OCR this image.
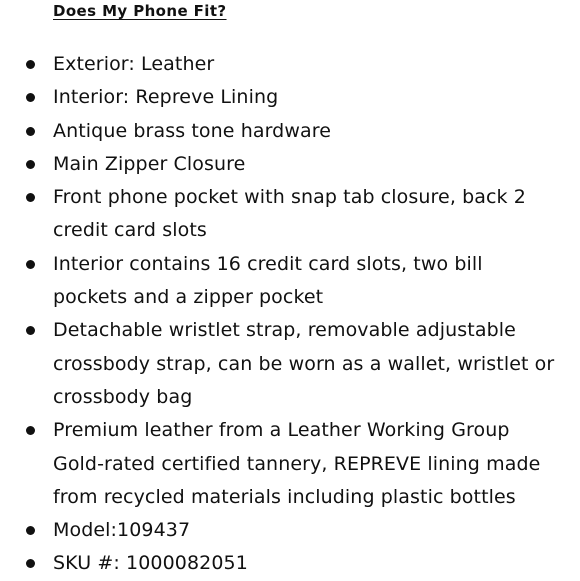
Does My Phone Fit?
Exterior: Leather
Interior: Repreve Lining
Antique brass tone hardware
Main Zipper Closure
Front phone pocket with snap tab closure, back 2 credit card slots
Interior contains 16 credit card slots, two bill pockets and a zipper pocket
Detachable wristlet strap, removable adjustable crossbody strap, can be worn as a wallet, wristlet or crossbody bag
Premium leather from a Leather Working Group Gold-rated certified tannery, REPREVE lining made from recycled materials including plastic bottles
Model:109437
SKU #: 1000082051
